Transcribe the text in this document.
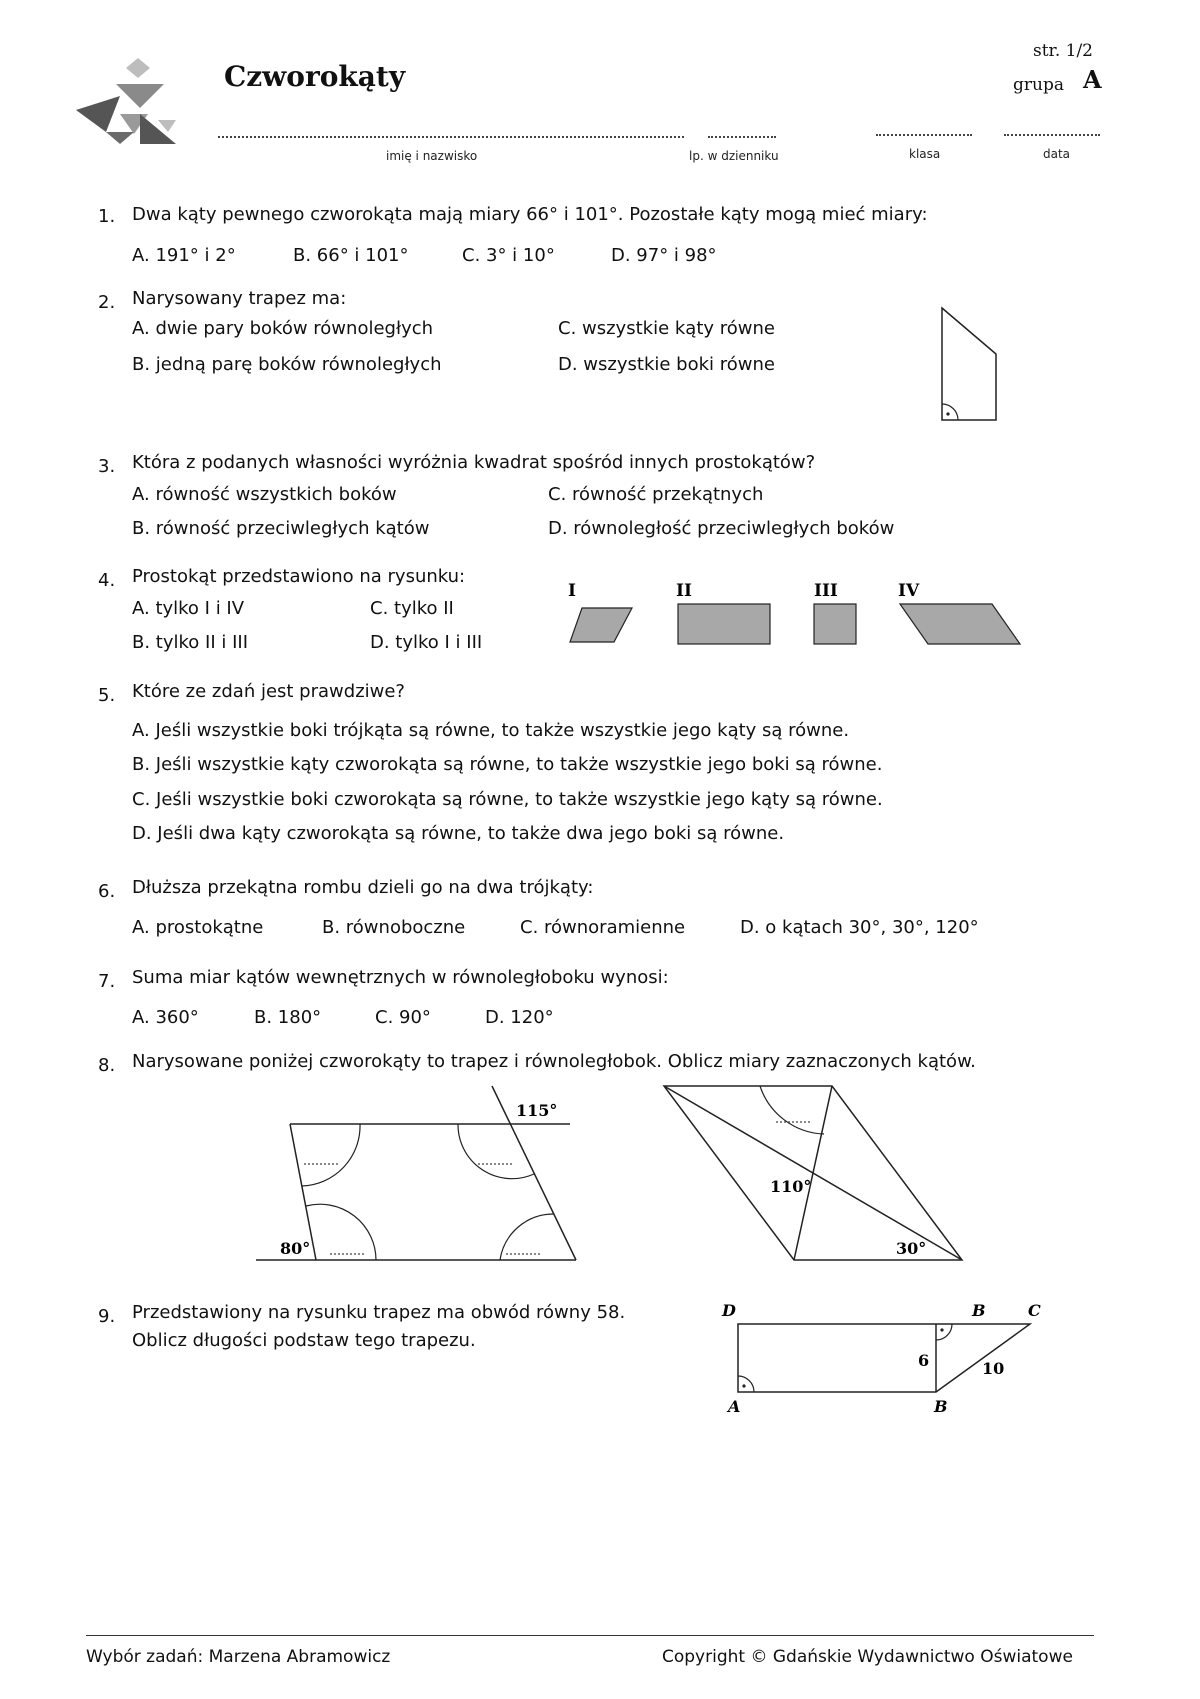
Czworokąty
str. 1/2
grupa A
imię i nazwisko	lp. w dzienniku	klasa	data
1. Dwa kąty pewnego czworokąta mają miary 66° i 101°. Pozostałe kąty mogą mieć miary:
A. 191° i 2°	B. 66° i 101°	C. 3° i 10°	D. 97° i 98°
2. Narysowany trapez ma:
A. dwie pary boków równoległych	C. wszystkie kąty równe
B. jedną parę boków równoległych	D. wszystkie boki równe
3. Która z podanych własności wyróżnia kwadrat spośród innych prostokątów?
A. równość wszystkich boków	C. równość przekątnych
B. równość przeciwległych kątów	D. równoległość przeciwległych boków
4. Prostokąt przedstawiono na rysunku:
A. tylko I i IV	C. tylko II
B. tylko II i III	D. tylko I i III
I	II	III	IV
5. Które ze zdań jest prawdziwe?
A. Jeśli wszystkie boki trójkąta są równe, to także wszystkie jego kąty są równe.
B. Jeśli wszystkie kąty czworokąta są równe, to także wszystkie jego boki są równe.
C. Jeśli wszystkie boki czworokąta są równe, to także wszystkie jego kąty są równe.
D. Jeśli dwa kąty czworokąta są równe, to także dwa jego boki są równe.
6. Dłuższa przekątna rombu dzieli go na dwa trójkąty:
A. prostokątne	B. równoboczne	C. równoramienne	D. o kątach 30°, 30°, 120°
7. Suma miar kątów wewnętrznych w równoległoboku wynosi:
A. 360°	B. 180°	C. 90°	D. 120°
8. Narysowane poniżej czworokąty to trapez i równoległobok. Oblicz miary zaznaczonych kątów.
115°
80°
110°
30°
9. Przedstawiony na rysunku trapez ma obwód równy 58.
Oblicz długości podstaw tego trapezu.
D	B	C
6	10
A	B
Wybór zadań: Marzena Abramowicz	Copyright © Gdańskie Wydawnictwo Oświatowe
